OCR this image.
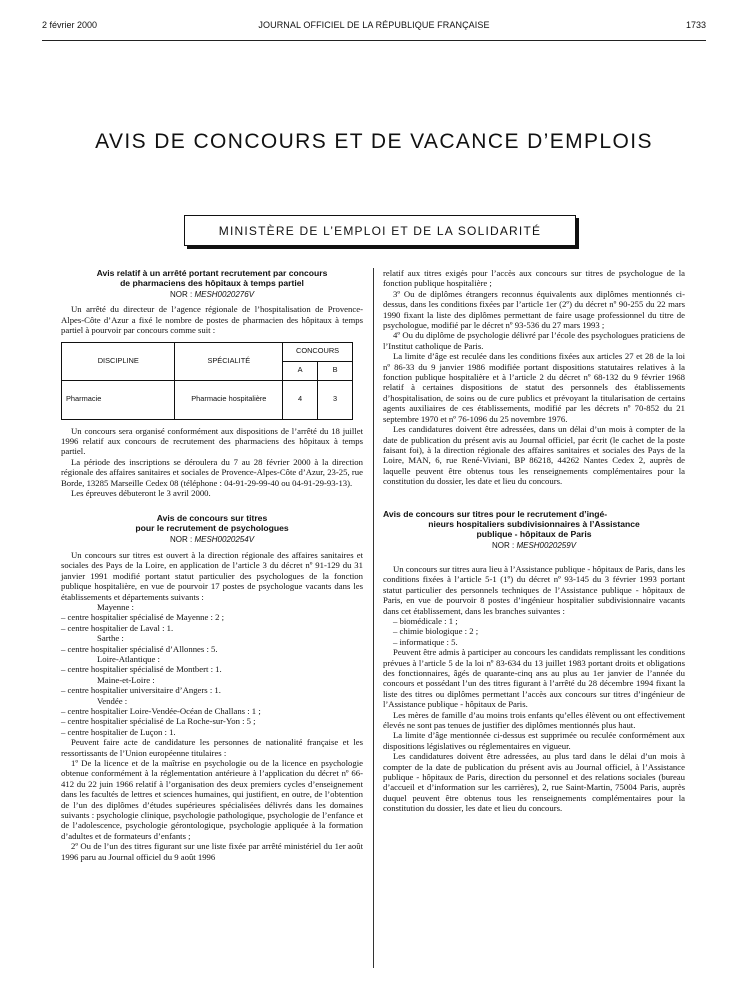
2 février 2000	JOURNAL OFFICIEL DE LA RÉPUBLIQUE FRANÇAISE	1733
AVIS DE CONCOURS ET DE VACANCE D’EMPLOIS
MINISTÈRE DE L’EMPLOI ET DE LA SOLIDARITÉ
Avis relatif à un arrêté portant recrutement par concours
de pharmaciens des hôpitaux à temps partiel
NOR : MESH0020276V

Un arrêté du directeur de l’agence régionale de l’hospitalisation de Provence-Alpes-Côte d’Azur a fixé le nombre de postes de pharmacien des hôpitaux à temps partiel à pourvoir par concours comme suit :

DISCIPLINE	SPÉCIALITÉ	CONCOURS	
		A	B
Pharmacie	Pharmacie hospitalière	4	3

Un concours sera organisé conformément aux dispositions de l’arrêté du 18 juillet 1996 relatif aux concours de recrutement des pharmaciens des hôpitaux à temps partiel.

La période des inscriptions se déroulera du 7 au 28 février 2000 à la direction régionale des affaires sanitaires et sociales de Provence-Alpes-Côte d’Azur, 23-25, rue Borde, 13285 Marseille Cedex 08 (téléphone : 04-91-29-99-40 ou 04-91-29-93-13).

Les épreuves débuteront le 3 avril 2000.

Avis de concours sur titres
pour le recrutement de psychologues
NOR : MESH0020254V

Un concours sur titres est ouvert à la direction régionale des affaires sanitaires et sociales des Pays de la Loire, en application de l’article 3 du décret nº 91-129 du 31 janvier 1991 modifié portant statut particulier des psychologues de la fonction publique hospitalière, en vue de pourvoir 17 postes de psychologue vacants dans les établissements et départements suivants :

Mayenne :

– centre hospitalier spécialisé de Mayenne : 2 ;

– centre hospitalier de Laval : 1.

Sarthe :

– centre hospitalier spécialisé d’Allonnes : 5.

Loire-Atlantique :

– centre hospitalier spécialisé de Montbert : 1.

Maine-et-Loire :

– centre hospitalier universitaire d’Angers : 1.

Vendée :

– centre hospitalier Loire-Vendée-Océan de Challans : 1 ;

– centre hospitalier spécialisé de La Roche-sur-Yon : 5 ;

– centre hospitalier de Luçon : 1.

Peuvent faire acte de candidature les personnes de nationalité française et les ressortissants de l’Union européenne titulaires :

1º De la licence et de la maîtrise en psychologie ou de la licence en psychologie obtenue conformément à la réglementation antérieure à l’application du décret nº 66-412 du 22 juin 1966 relatif à l’organisation des deux premiers cycles d’enseignement dans les facultés de lettres et sciences humaines, qui justifient, en outre, de l’obtention de l’un des diplômes d’études supérieures spécialisées délivrés dans les domaines suivants : psychologie clinique, psychologie pathologique, psychologie de l’enfance et de l’adolescence, psychologie gérontologique, psychologie appliquée à la formation d’adultes et de formateurs d’enfants ;

2º Ou de l’un des titres figurant sur une liste fixée par arrêté ministériel du 1er août 1996 paru au Journal officiel du 9 août 1996

relatif aux titres exigés pour l’accès aux concours sur titres de psychologue de la fonction publique hospitalière ;

3º Ou de diplômes étrangers reconnus équivalents aux diplômes mentionnés ci-dessus, dans les conditions fixées par l’article 1er (2º) du décret nº 90-255 du 22 mars 1990 fixant la liste des diplômes permettant de faire usage professionnel du titre de psychologue, modifié par le décret nº 93-536 du 27 mars 1993 ;

4º Ou du diplôme de psychologie délivré par l’école des psychologues praticiens de l’Institut catholique de Paris.

La limite d’âge est reculée dans les conditions fixées aux articles 27 et 28 de la loi nº 86-33 du 9 janvier 1986 modifiée portant dispositions statutaires relatives à la fonction publique hospitalière et à l’article 2 du décret nº 68-132 du 9 février 1968 relatif à certaines dispositions de statut des personnels des établissements d’hospitalisation, de soins ou de cure publics et prévoyant la titularisation de certains agents auxiliaires de ces établissements, modifié par les décrets nº 70-852 du 21 septembre 1970 et nº 76-1096 du 25 novembre 1976.

Les candidatures doivent être adressées, dans un délai d’un mois à compter de la date de publication du présent avis au Journal officiel, par écrit (le cachet de la poste faisant foi), à la direction régionale des affaires sanitaires et sociales des Pays de la Loire, MAN, 6, rue René-Viviani, BP 86218, 44262 Nantes Cedex 2, auprès de laquelle peuvent être obtenus tous les renseignements complémentaires pour la constitution du dossier, les date et lieu du concours.

Avis de concours sur titres pour le recrutement d’ingé-
nieurs hospitaliers subdivisionnaires à l’Assistance
publique - hôpitaux de Paris
NOR : MESH0020259V

Un concours sur titres aura lieu à l’Assistance publique - hôpitaux de Paris, dans les conditions fixées à l’article 5-1 (1º) du décret nº 93-145 du 3 février 1993 portant statut particulier des personnels techniques de l’Assistance publique - hôpitaux de Paris, en vue de pourvoir 8 postes d’ingénieur hospitalier subdivisionnaire vacants dans cet établissement, dans les branches suivantes :

– biomédicale : 1 ;

– chimie biologique : 2 ;

– informatique : 5.

Peuvent être admis à participer au concours les candidats remplissant les conditions prévues à l’article 5 de la loi nº 83-634 du 13 juillet 1983 portant droits et obligations des fonctionnaires, âgés de quarante-cinq ans au plus au 1er janvier de l’année du concours et possédant l’un des titres figurant à l’arrêté du 28 décembre 1994 fixant la liste des titres ou diplômes permettant l’accès aux concours sur titres d’ingénieur de l’Assistance publique - hôpitaux de Paris.

Les mères de famille d’au moins trois enfants qu’elles élèvent ou ont effectivement élevés ne sont pas tenues de justifier des diplômes mentionnés plus haut.

La limite d’âge mentionnée ci-dessus est supprimée ou reculée conformément aux dispositions législatives ou réglementaires en vigueur.

Les candidatures doivent être adressées, au plus tard dans le délai d’un mois à compter de la date de publication du présent avis au Journal officiel, à l’Assistance publique - hôpitaux de Paris, direction du personnel et des relations sociales (bureau d’accueil et d’information sur les carrières), 2, rue Saint-Martin, 75004 Paris, auprès duquel peuvent être obtenus tous les renseignements complémentaires pour la constitution du dossier, les date et lieu du concours.
